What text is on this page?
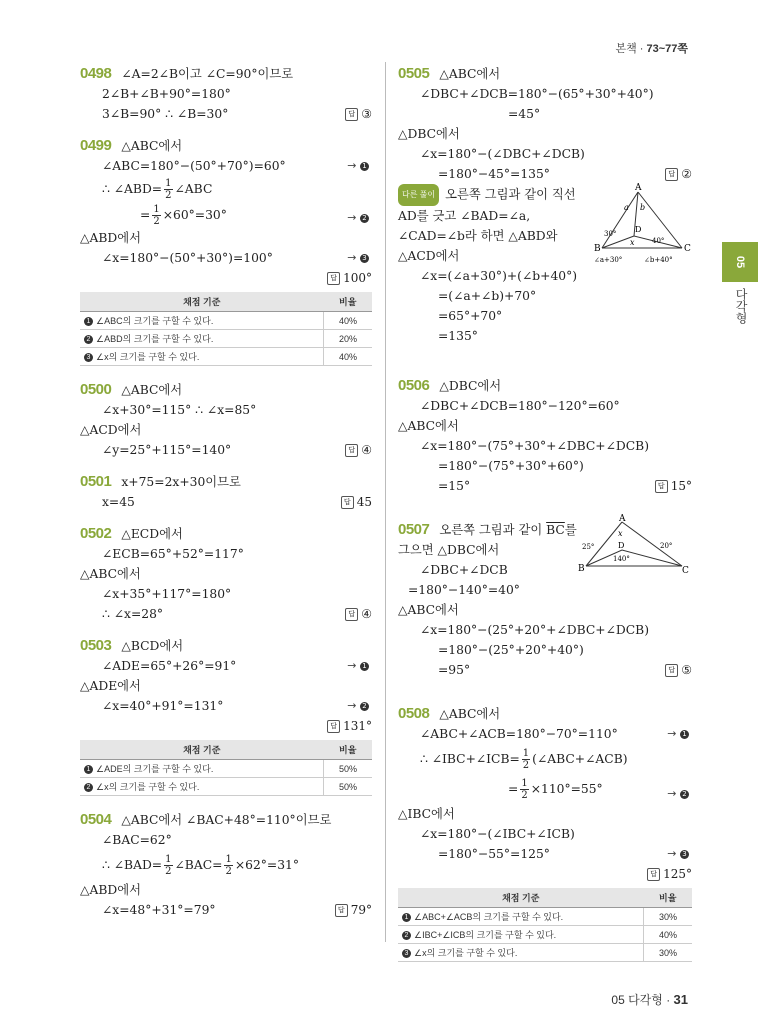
본책 · 73~77쪽
0498 ∠A=2∠B이고 ∠C=90°이므로
2∠B+∠B+90°=180°
3∠B=90° ∴ ∠B=30°	답 ③
0499 △ABC에서
∠ABC=180°−(50°+70°)=60°	→ 1
∴ ∠ABD= $\frac{1}{2}$ ∠ABC
= $\frac{1}{2} \times 60^\circ=30^\circ$	→ 2
△ABD에서
∠x=180°−(50°+30°)=100°	→ 3
답 100°
채점 기준	비율
1 ∠ABC의 크기를 구할 수 있다.	40%
2 ∠ABD의 크기를 구할 수 있다.	20%
3 ∠x의 크기를 구할 수 있다.	40%
0500 △ABC에서
∠x+30°=115° ∴ ∠x=85°
△ACD에서
∠y=25°+115°=140°	답 ④
0501 x+75=2x+30이므로
x=45	답 45
0502 △ECD에서
∠ECB=65°+52°=117°
△ABC에서
∠x+35°+117°=180°
∴ ∠x=28°	답 ④
0503 △BCD에서
∠ADE=65°+26°=91°	→ 1
△ADE에서
∠x=40°+91°=131°	→ 2
답 131°
채점 기준	비율
1 ∠ADE의 크기를 구할 수 있다.	50%
2 ∠x의 크기를 구할 수 있다.	50%
0504 △ABC에서 ∠BAC+48°=110°이므로
∠BAC=62°
∴ ∠BAD= $\frac{1}{2}$ ∠BAC= $\frac{1}{2} \times 62^\circ=31^\circ$
△ABD에서
∠x=48°+31°=79°	답 79°
0505 △ABC에서
∠DBC+∠DCB=180°−(65°+30°+40°)
=45°
△DBC에서
∠x=180°−(∠DBC+∠DCB)
=180°−45°=135°	답 ②
다른 풀이 오른쪽 그림과 같이 직선
AD를 긋고 ∠BAD=∠a,
∠CAD=∠b라 하면 △ABD와
△ACD에서
∠x=(∠a+30°)+(∠b+40°)
=(∠a+∠b)+70°
=65°+70°
=135°
A
B	C
D
a b
x
30°
40°
∠a+30°	∠b+40°
0506 △DBC에서
∠DBC+∠DCB=180°−120°=60°
△ABC에서
∠x=180°−(75°+30°+∠DBC+∠DCB)
=180°−(75°+30°+60°)
=15°	답 15°
0507 오른쪽 그림과 같이 $\overline{BC}$를
그으면 △DBC에서
∠DBC+∠DCB
=180°−140°=40°
△ABC에서
∠x=180°−(25°+20°+∠DBC+∠DCB)
=180°−(25°+20°+40°)
=95°	답 ⑤
A
B	C
D
x
25°	20°
140°
0508 △ABC에서
∠ABC+∠ACB=180°−70°=110°	→ 1
∴ ∠IBC+∠ICB= $\frac{1}{2}$ (∠ABC+∠ACB)
= $\frac{1}{2} \times 110^\circ=55^\circ$	→ 2
△IBC에서
∠x=180°−(∠IBC+∠ICB)
=180°−55°=125°	→ 3
답 125°
채점 기준	비율
1 ∠ABC+∠ACB의 크기를 구할 수 있다.	30%
2 ∠IBC+∠ICB의 크기를 구할 수 있다.	40%
3 ∠x의 크기를 구할 수 있다.	30%
05
다각형
05 다각형 · 31
